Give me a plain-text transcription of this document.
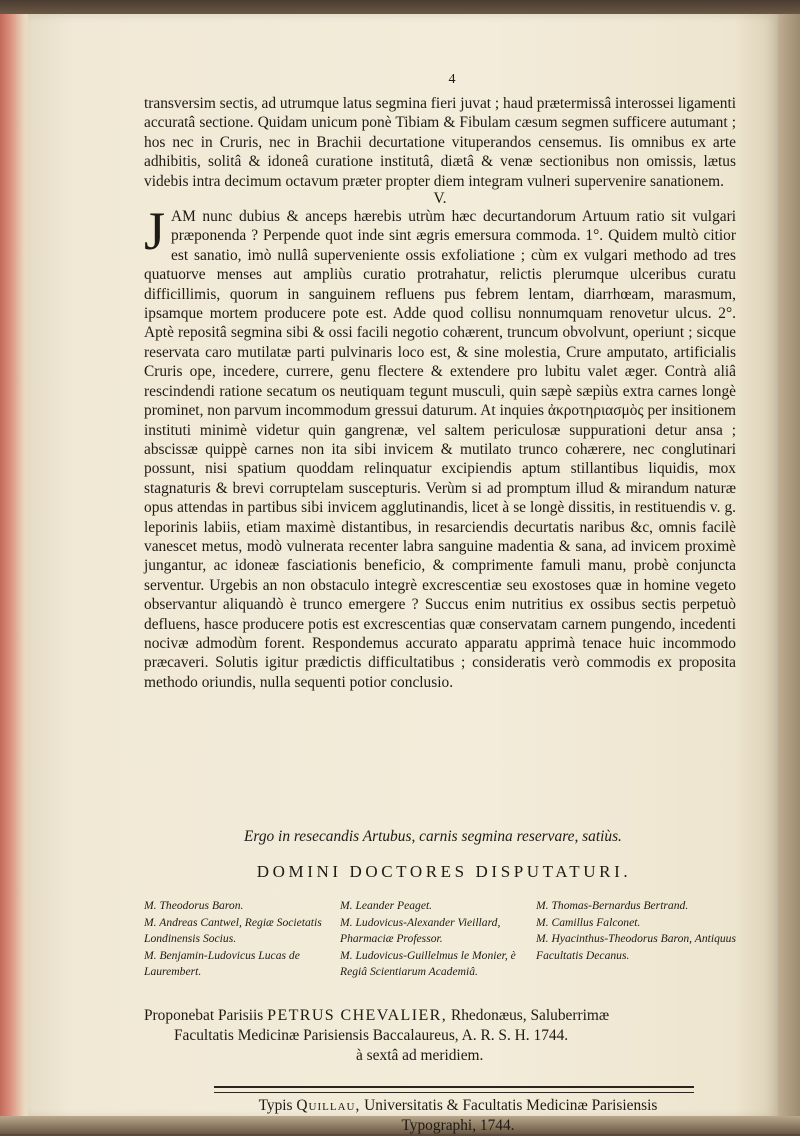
4

transversim sectis, ad utrumque latus segmina fieri juvat ; haud prætermissâ interossei ligamenti accuratâ sectione. Quidam unicum ponè Tibiam & Fibulam cæsum segmen sufficere autumant ; hos nec in Cruris, nec in Brachii decurtatione vituperandos censemus. Iis omnibus ex arte adhibitis, solitâ & idoneâ curatione institutâ, diætâ & venæ sectionibus non omissis, lætus videbis intra decimum octavum præter propter diem integram vulneri supervenire sanationem.

V.

JAM nunc dubius & anceps hærebis utrùm hæc decurtandorum Artuum ratio sit vulgari præponenda ? Perpende quot inde sint ægris emersura commoda. 1°. Quidem multò citior est sanatio, imò nullâ superveniente ossis exfoliatione ; cùm ex vulgari methodo ad tres quatuorve menses aut ampliùs curatio protrahatur, relictis plerumque ulceribus curatu difficillimis, quorum in sanguinem refluens pus febrem lentam, diarrhœam, marasmum, ipsamque mortem producere pote est. Adde quod collisu nonnumquam renovetur ulcus. 2°. Aptè repositâ segmina sibi & ossi facili negotio cohærent, truncum obvolvunt, operiunt ; sicque reservata caro mutilatæ parti pulvinaris loco est, & sine molestia, Crure amputato, artificialis Cruris ope, incedere, currere, genu flectere & extendere pro lubitu valet æger. Contrà aliâ rescindendi ratione secatum os neutiquam tegunt musculi, quin sæpè sæpiùs extra carnes longè prominet, non parvum incommodum gressui daturum. At inquies ἀκροτηριασμὸς per insitionem instituti minimè videtur quin gangrenæ, vel saltem periculosæ suppurationi detur ansa ; abscissæ quippè carnes non ita sibi invicem & mutilato trunco cohærere, nec conglutinari possunt, nisi spatium quoddam relinquatur excipiendis aptum stillantibus liquidis, mox stagnaturis & brevi corruptelam suscepturis. Verùm si ad promptum illud & mirandum naturæ opus attendas in partibus sibi invicem agglutinandis, licet à se longè dissitis, in restituendis v. g. leporinis labiis, etiam maximè distantibus, in resarciendis decurtatis naribus &c, omnis facilè vanescet metus, modò vulnerata recenter labra sanguine madentia & sana, ad invicem proximè jungantur, ac idoneæ fasciationis beneficio, & comprimente famuli manu, probè conjuncta serventur. Urgebis an non obstaculo integrè excrescentiæ seu exostoses quæ in homine vegeto observantur aliquandò è trunco emergere ? Succus enim nutritius ex ossibus sectis perpetuò defluens, hasce producere potis est excrescentias quæ conservatam carnem pungendo, incedenti nocivæ admodùm forent. Respondemus accurato apparatu apprimà tenace huic incommodo præcaveri. Solutis igitur prædictis difficultatibus ; consideratis verò commodis ex proposita methodo oriundis, nulla sequenti potior conclusio.

Ergo in resecandis Artubus, carnis segmina reservare, satiùs.
DOMINI DOCTORES DISPUTATURI.
M. Theodorus Baron.
M. Andreas Cantwel, Regiæ Societatis Londinensis Socius.
M. Benjamin-Ludovicus Lucas de Laurembert.
M. Leander Peaget.
M. Ludovicus-Alexander Vieillard, Pharmaciæ Professor.
M. Ludovicus-Guillelmus le Monier, è Regiâ Scientiarum Academiâ.
M. Thomas-Bernardus Bertrand.
M. Camillus Falconet.
M. Hyacinthus-Theodorus Baron, Antiquus Facultatis Decanus.
Proponebat Parisiis PETRUS CHEVALIER, Rhedonæus, Saluberrimæ
Facultatis Medicinæ Parisiensis Baccalaureus, A. R. S. H. 1744.
à sextâ ad meridiem.
Typis Quillau, Universitatis & Facultatis Medicinæ Parisiensis
Typographi, 1744.
